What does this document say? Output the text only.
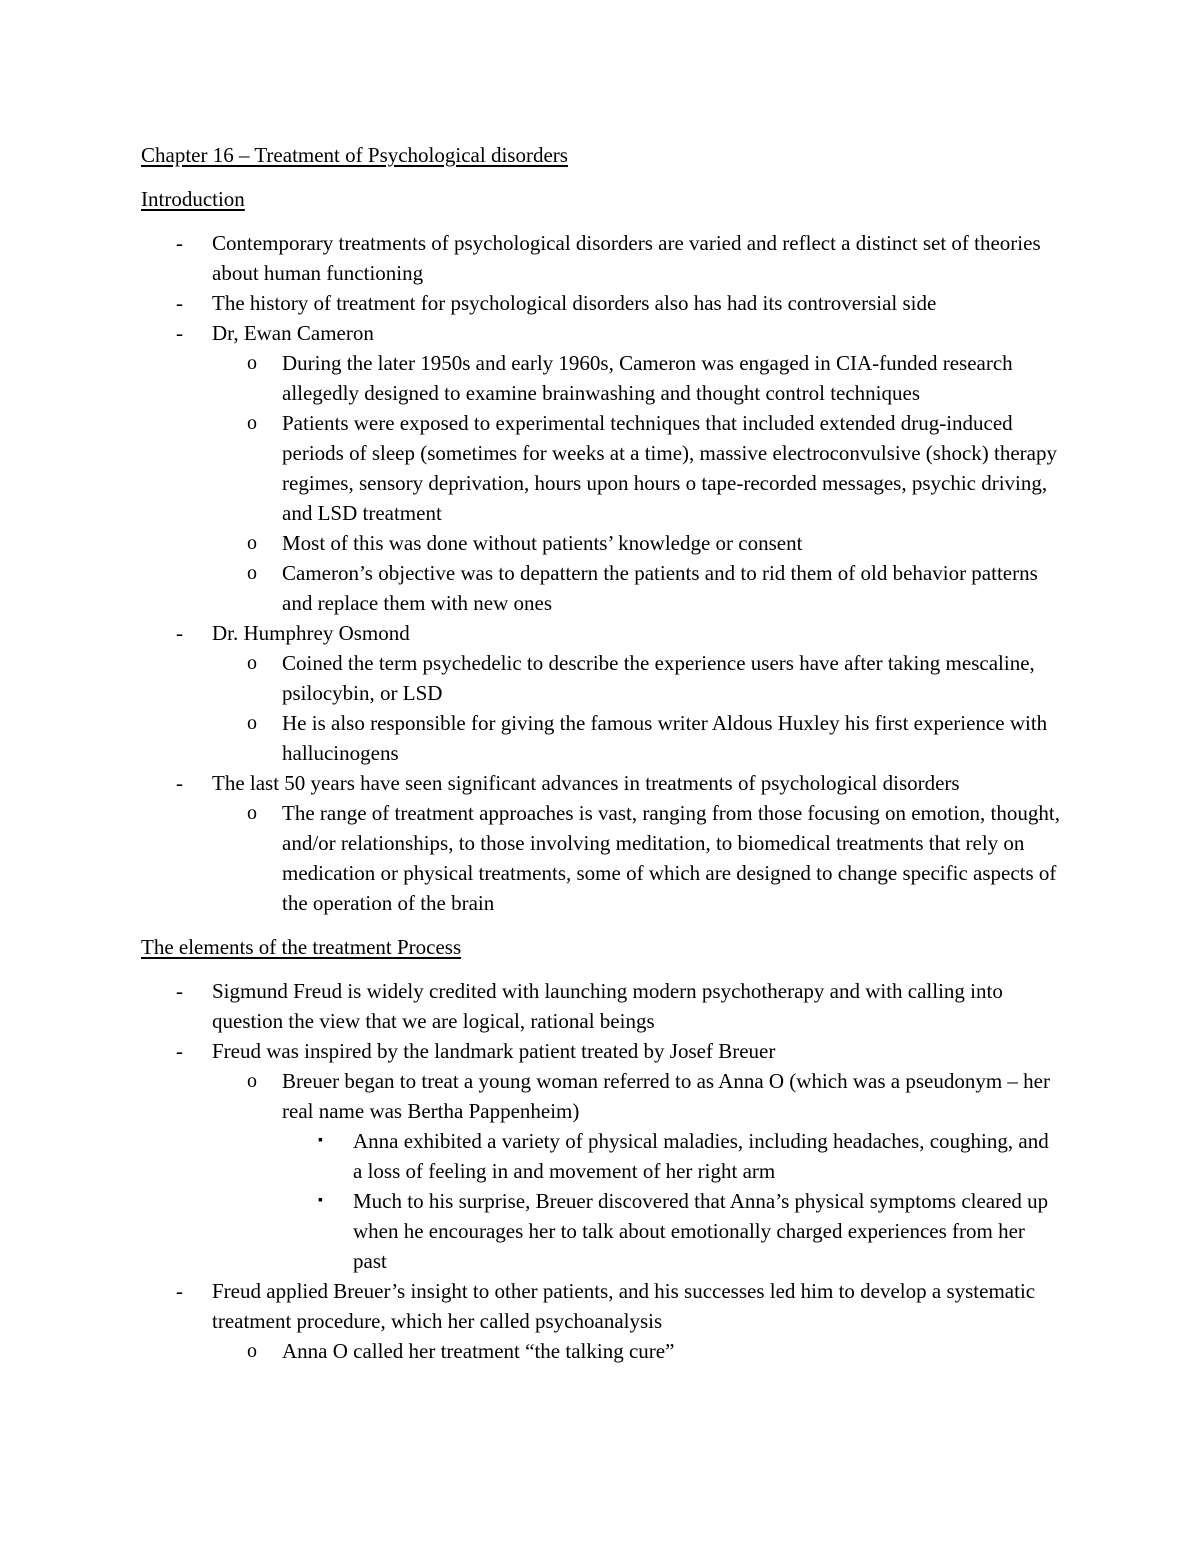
Chapter 16 – Treatment of Psychological disorders
Introduction
- Contemporary treatments of psychological disorders are varied and reflect a distinct set of theories about human functioning
- The history of treatment for psychological disorders also has had its controversial side
- Dr, Ewan Cameron
o During the later 1950s and early 1960s, Cameron was engaged in CIA-funded research allegedly designed to examine brainwashing and thought control techniques
o Patients were exposed to experimental techniques that included extended drug-induced periods of sleep (sometimes for weeks at a time), massive electroconvulsive (shock) therapy regimes, sensory deprivation, hours upon hours o tape-recorded messages, psychic driving, and LSD treatment
o Most of this was done without patients’ knowledge or consent
o Cameron’s objective was to depattern the patients and to rid them of old behavior patterns and replace them with new ones
- Dr. Humphrey Osmond
o Coined the term psychedelic to describe the experience users have after taking mescaline, psilocybin, or LSD
o He is also responsible for giving the famous writer Aldous Huxley his first experience with hallucinogens
- The last 50 years have seen significant advances in treatments of psychological disorders
o The range of treatment approaches is vast, ranging from those focusing on emotion, thought, and/or relationships, to those involving meditation, to biomedical treatments that rely on medication or physical treatments, some of which are designed to change specific aspects of the operation of the brain
The elements of the treatment Process
- Sigmund Freud is widely credited with launching modern psychotherapy and with calling into question the view that we are logical, rational beings
- Freud was inspired by the landmark patient treated by Josef Breuer
o Breuer began to treat a young woman referred to as Anna O (which was a pseudonym – her real name was Bertha Pappenheim)
▪ Anna exhibited a variety of physical maladies, including headaches, coughing, and a loss of feeling in and movement of her right arm
▪ Much to his surprise, Breuer discovered that Anna’s physical symptoms cleared up when he encourages her to talk about emotionally charged experiences from her past
- Freud applied Breuer’s insight to other patients, and his successes led him to develop a systematic treatment procedure, which her called psychoanalysis
o Anna O called her treatment “the talking cure”
